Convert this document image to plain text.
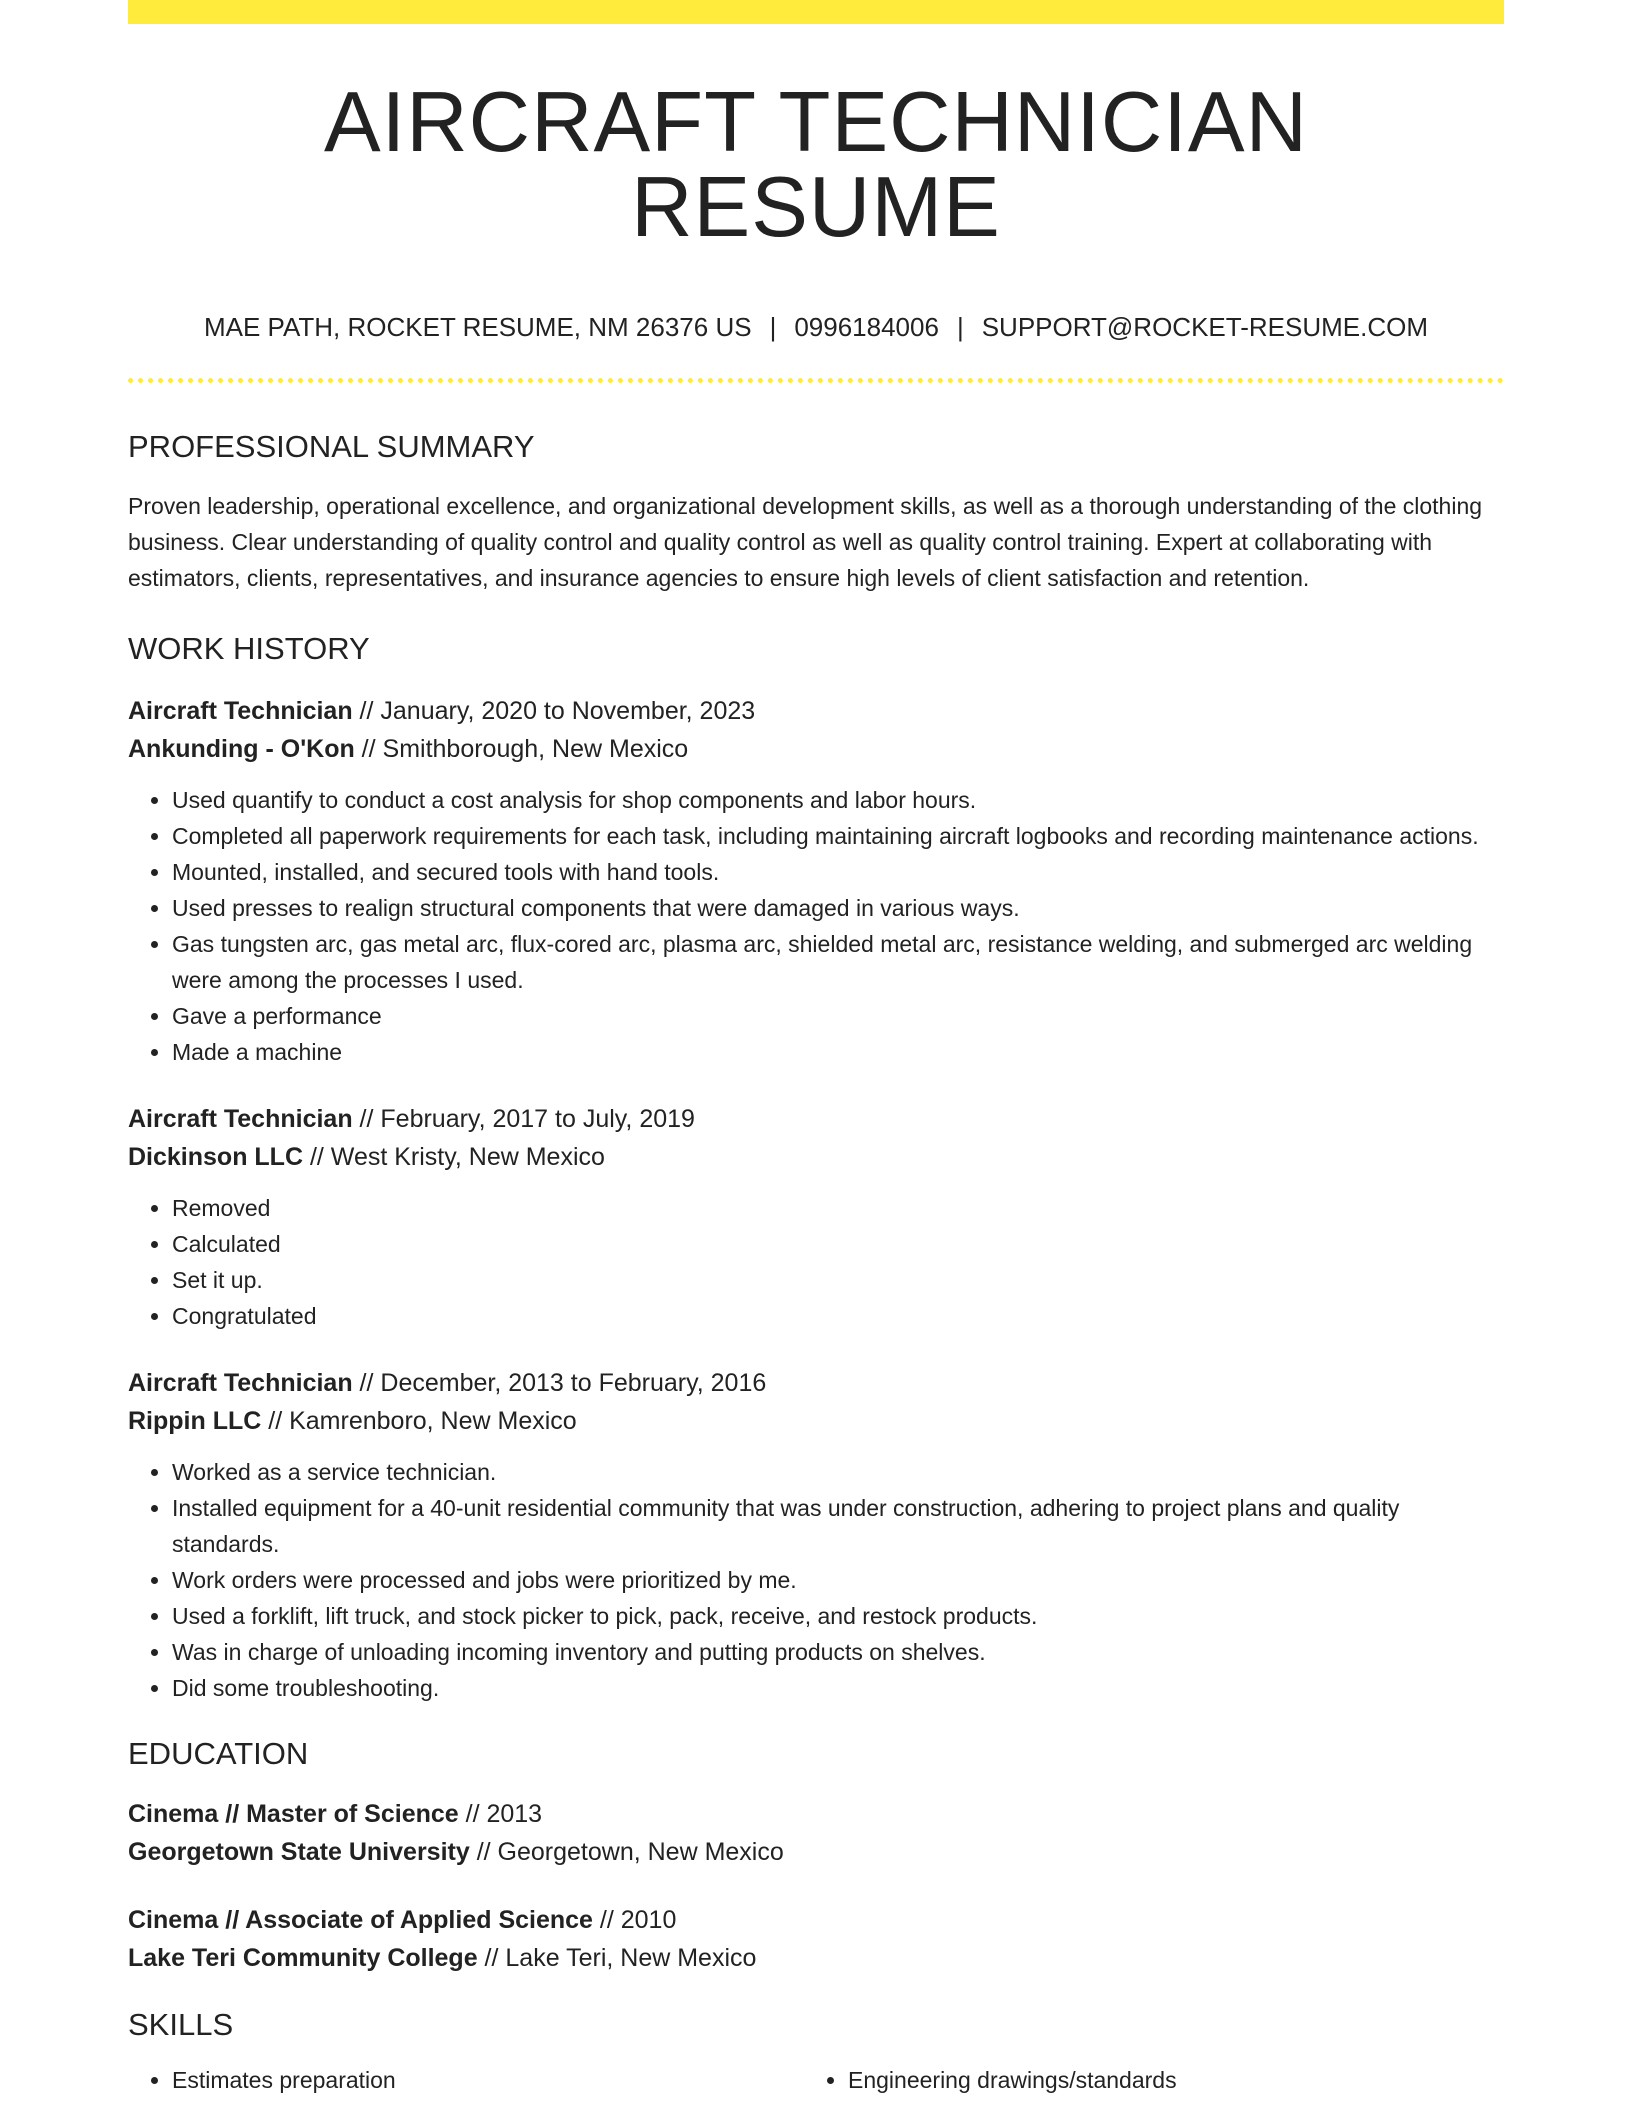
AIRCRAFT TECHNICIAN RESUME
MAE PATH, ROCKET RESUME, NM 26376 US | 0996184006 | SUPPORT@ROCKET-RESUME.COM
PROFESSIONAL SUMMARY

Proven leadership, operational excellence, and organizational development skills, as well as a thorough understanding of the clothing business. Clear understanding of quality control and quality control as well as quality control training. Expert at collaborating with estimators, clients, representatives, and insurance agencies to ensure high levels of client satisfaction and retention.

WORK HISTORY

Aircraft Technician // January, 2020 to November, 2023

Ankunding - O'Kon // Smithborough, New Mexico

• Used quantify to conduct a cost analysis for shop components and labor hours.
• Completed all paperwork requirements for each task, including maintaining aircraft logbooks and recording maintenance actions.
• Mounted, installed, and secured tools with hand tools.
• Used presses to realign structural components that were damaged in various ways.
• Gas tungsten arc, gas metal arc, flux-cored arc, plasma arc, shielded metal arc, resistance welding, and submerged arc welding were among the processes I used.
• Gave a performance
• Made a machine

Aircraft Technician // February, 2017 to July, 2019

Dickinson LLC // West Kristy, New Mexico

• Removed
• Calculated
• Set it up.
• Congratulated

Aircraft Technician // December, 2013 to February, 2016

Rippin LLC // Kamrenboro, New Mexico

• Worked as a service technician.
• Installed equipment for a 40-unit residential community that was under construction, adhering to project plans and quality standards.
• Work orders were processed and jobs were prioritized by me.
• Used a forklift, lift truck, and stock picker to pick, pack, receive, and restock products.
• Was in charge of unloading incoming inventory and putting products on shelves.
• Did some troubleshooting.
EDUCATION

Cinema // Master of Science // 2013

Georgetown State University // Georgetown, New Mexico

Cinema // Associate of Applied Science // 2010

Lake Teri Community College // Lake Teri, New Mexico

SKILLS
• Estimates preparation
•	Engineering drawings/standards
